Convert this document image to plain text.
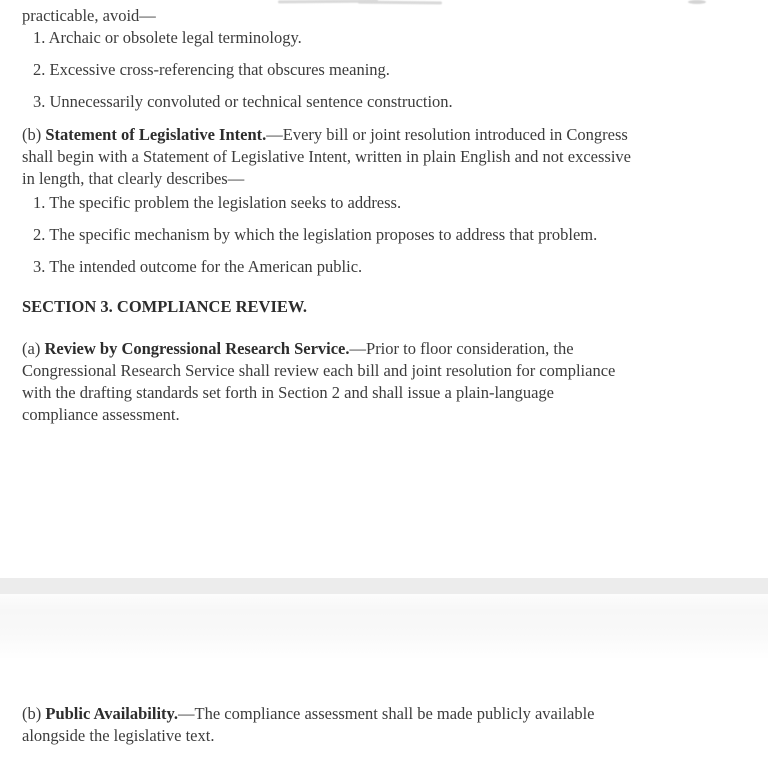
practicable, avoid—
1. Archaic or obsolete legal terminology.
2. Excessive cross-referencing that obscures meaning.
3. Unnecessarily convoluted or technical sentence construction.
(b) Statement of Legislative Intent.—Every bill or joint resolution introduced in Congress
shall begin with a Statement of Legislative Intent, written in plain English and not excessive
in length, that clearly describes—
1. The specific problem the legislation seeks to address.
2. The specific mechanism by which the legislation proposes to address that problem.
3. The intended outcome for the American public.
SECTION 3. COMPLIANCE REVIEW.
(a) Review by Congressional Research Service.—Prior to floor consideration, the
Congressional Research Service shall review each bill and joint resolution for compliance
with the drafting standards set forth in Section 2 and shall issue a plain-language
compliance assessment.
(b) Public Availability.—The compliance assessment shall be made publicly available
alongside the legislative text.
